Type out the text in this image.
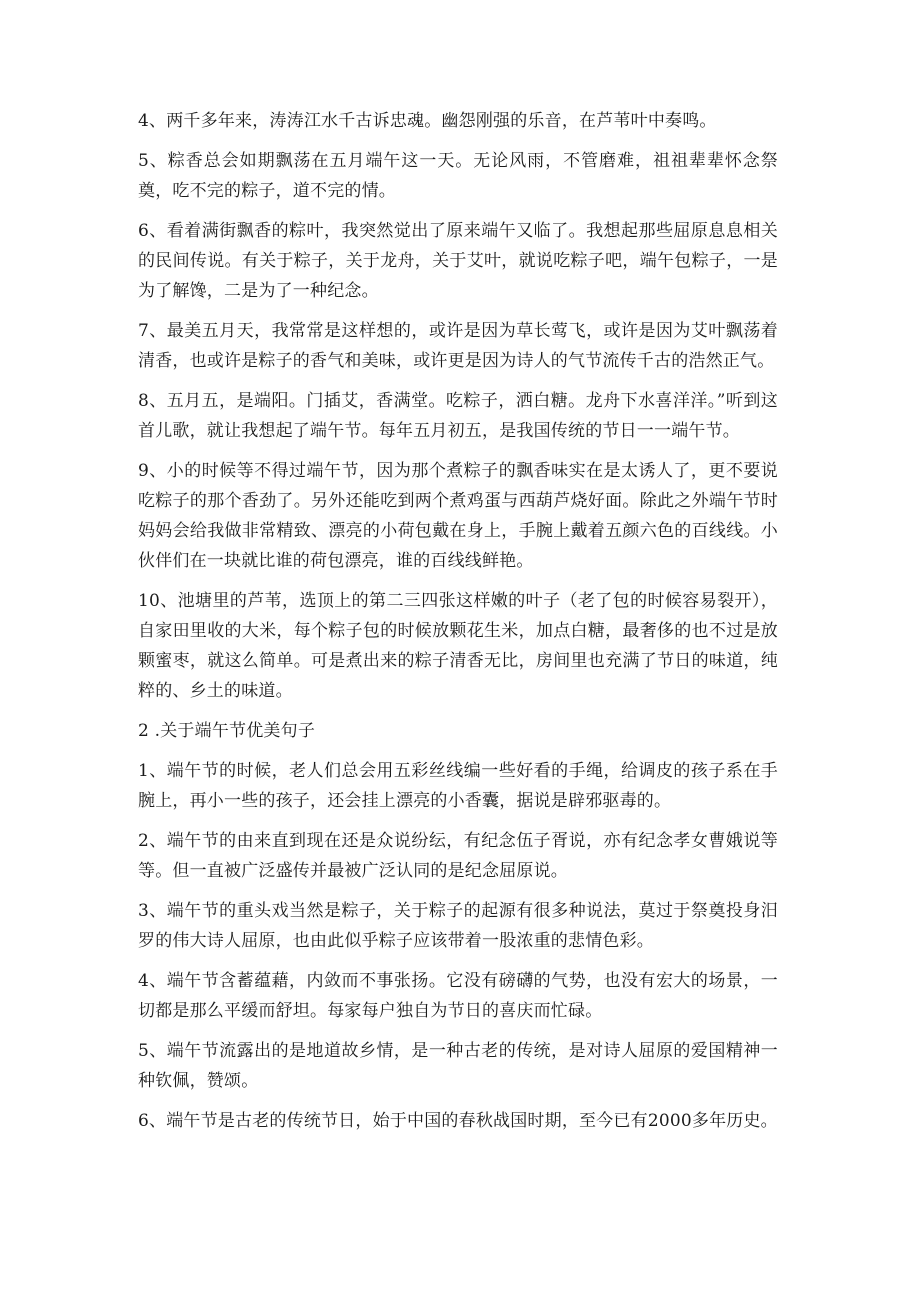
4、两千多年来，涛涛江水千古诉忠魂。幽怨刚强的乐音，在芦苇叶中奏鸣。

5、粽香总会如期飘荡在五月端午这一天。无论风雨，不管磨难，祖祖辈辈怀念祭奠，吃不完的粽子，道不完的情。

6、看着满街飘香的粽叶，我突然觉出了原来端午又临了。我想起那些屈原息息相关的民间传说。有关于粽子，关于龙舟，关于艾叶，就说吃粽子吧，端午包粽子，一是为了解馋，二是为了一种纪念。

7、最美五月天，我常常是这样想的，或许是因为草长莺飞，或许是因为艾叶飘荡着清香，也或许是粽子的香气和美味，或许更是因为诗人的气节流传千古的浩然正气。

8、五月五，是端阳。门插艾，香满堂。吃粽子，洒白糖。龙舟下水喜洋洋。”听到这首儿歌，就让我想起了端午节。每年五月初五，是我国传统的节日一一端午节。

9、小的时候等不得过端午节，因为那个煮粽子的飘香味实在是太诱人了，更不要说吃粽子的那个香劲了。另外还能吃到两个煮鸡蛋与西葫芦烧好面。除此之外端午节时妈妈会给我做非常精致、漂亮的小荷包戴在身上，手腕上戴着五颜六色的百线线。小伙伴们在一块就比谁的荷包漂亮，谁的百线线鲜艳。

10、池塘里的芦苇，选顶上的第二三四张这样嫩的叶子（老了包的时候容易裂开），自家田里收的大米，每个粽子包的时候放颗花生米，加点白糖，最奢侈的也不过是放颗蜜枣，就这么简单。可是煮出来的粽子清香无比，房间里也充满了节日的味道，纯粹的、乡土的味道。

2 .关于端午节优美句子

1、端午节的时候，老人们总会用五彩丝线编一些好看的手绳，给调皮的孩子系在手腕上，再小一些的孩子，还会挂上漂亮的小香囊，据说是辟邪驱毒的。

2、端午节的由来直到现在还是众说纷纭，有纪念伍子胥说，亦有纪念孝女曹娥说等等。但一直被广泛盛传并最被广泛认同的是纪念屈原说。

3、端午节的重头戏当然是粽子，关于粽子的起源有很多种说法，莫过于祭奠投身汨罗的伟大诗人屈原，也由此似乎粽子应该带着一股浓重的悲情色彩。

4、端午节含蓄蕴藉，内敛而不事张扬。它没有磅礴的气势，也没有宏大的场景，一切都是那么平缓而舒坦。每家每户独自为节日的喜庆而忙碌。

5、端午节流露出的是地道故乡情，是一种古老的传统，是对诗人屈原的爱国精神一种钦佩，赞颂。

6、端午节是古老的传统节日，始于中国的春秋战国时期，至今已有2000多年历史。
